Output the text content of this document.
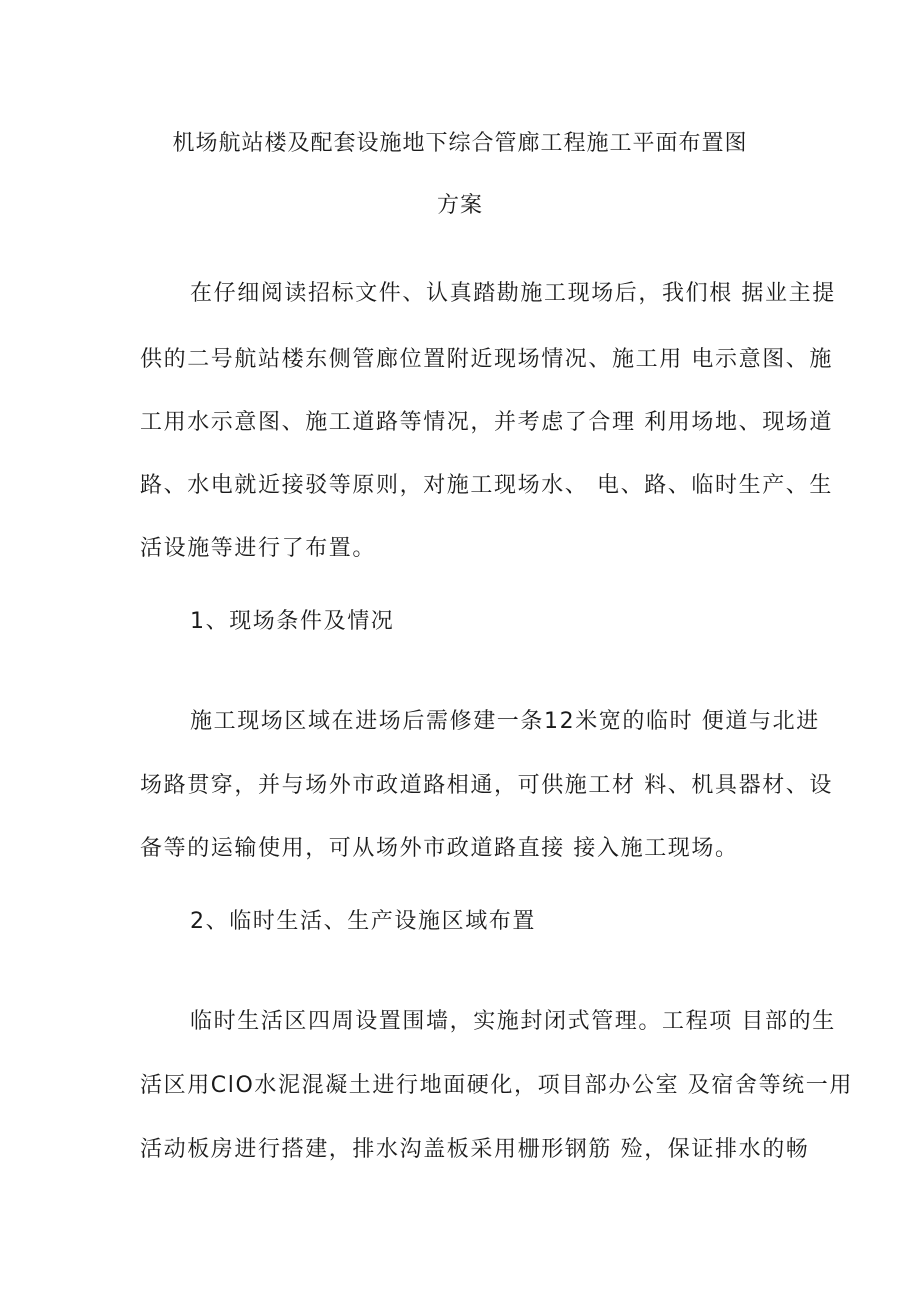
机场航站楼及配套设施地下综合管廊工程施工平面布置图
方案
在仔细阅读招标文件、认真踏勘施工现场后，我们根 据业主提
供的二号航站楼东侧管廊位置附近现场情况、施工用 电示意图、施
工用水示意图、施工道路等情况，并考虑了合理 利用场地、现场道
路、水电就近接驳等原则，对施工现场水、 电、路、临时生产、生
活设施等进行了布置。
1、现场条件及情况
施工现场区域在进场后需修建一条12米宽的临时 便道与北进
场路贯穿，并与场外市政道路相通，可供施工材 料、机具器材、设
备等的运输使用，可从场外市政道路直接 接入施工现场。
2、临时生活、生产设施区域布置
临时生活区四周设置围墙，实施封闭式管理。工程项 目部的生
活区用ClO水泥混凝土进行地面硬化，项目部办公室 及宿舍等统一用
活动板房进行搭建，排水沟盖板采用栅形钢筋 殓，保证排水的畅
